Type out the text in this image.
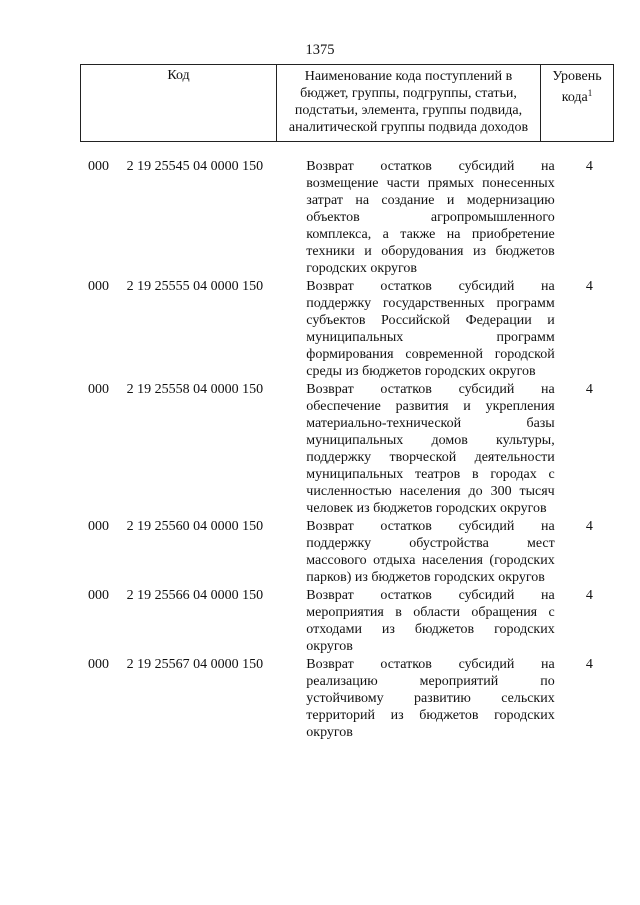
1375
Код	Наименование кода поступлений в
бюджет, группы, подгруппы, статьи,
подстатьи, элемента, группы подвида,
аналитической группы подвида доходов
Уровень
кода$^1$
000	2 19 25545 04 0000 150	Возврат остатков субсидий на
возмещение части прямых понесенных
затрат на создание и модернизацию
объектов агропромышленного
комплекса, а также на приобретение
техники и оборудования из бюджетов
городских округов
4
000	2 19 25555 04 0000 150	Возврат остатков субсидий на
поддержку государственных программ
субъектов Российской Федерации и
муниципальных программ
формирования современной городской
среды из бюджетов городских округов
4
000	2 19 25558 04 0000 150	Возврат остатков субсидий на
обеспечение развития и укрепления
материально-технической базы
муниципальных домов культуры,
поддержку творческой деятельности
муниципальных театров в городах с
численностью населения до 300 тысяч
человек из бюджетов городских округов
4
000	2 19 25560 04 0000 150	Возврат остатков субсидий на
поддержку обустройства мест
массового отдыха населения (городских
парков) из бюджетов городских округов
4
000	2 19 25566 04 0000 150	Возврат остатков субсидий на
мероприятия в области обращения с
отходами из бюджетов городских
округов
4
000	2 19 25567 04 0000 150	Возврат остатков субсидий на
реализацию мероприятий по
устойчивому развитию сельских
территорий из бюджетов городских
округов
4
